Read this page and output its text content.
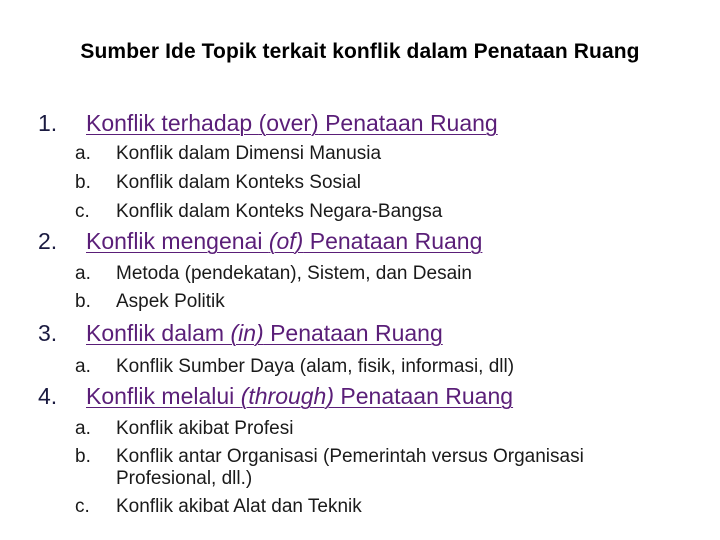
Sumber Ide Topik terkait konflik dalam Penataan Ruang
1. Konflik terhadap (over) Penataan Ruang
a. Konflik dalam Dimensi Manusia
b. Konflik dalam Konteks Sosial
c. Konflik dalam Konteks Negara-Bangsa
2. Konflik mengenai (of) Penataan Ruang
a. Metoda (pendekatan), Sistem, dan Desain
b. Aspek Politik
3. Konflik dalam (in) Penataan Ruang
a. Konflik Sumber Daya (alam, fisik, informasi, dll)
4. Konflik melalui (through) Penataan Ruang
a. Konflik akibat Profesi
b. Konflik antar Organisasi (Pemerintah versus Organisasi
Profesional, dll.)
c. Konflik akibat Alat dan Teknik
